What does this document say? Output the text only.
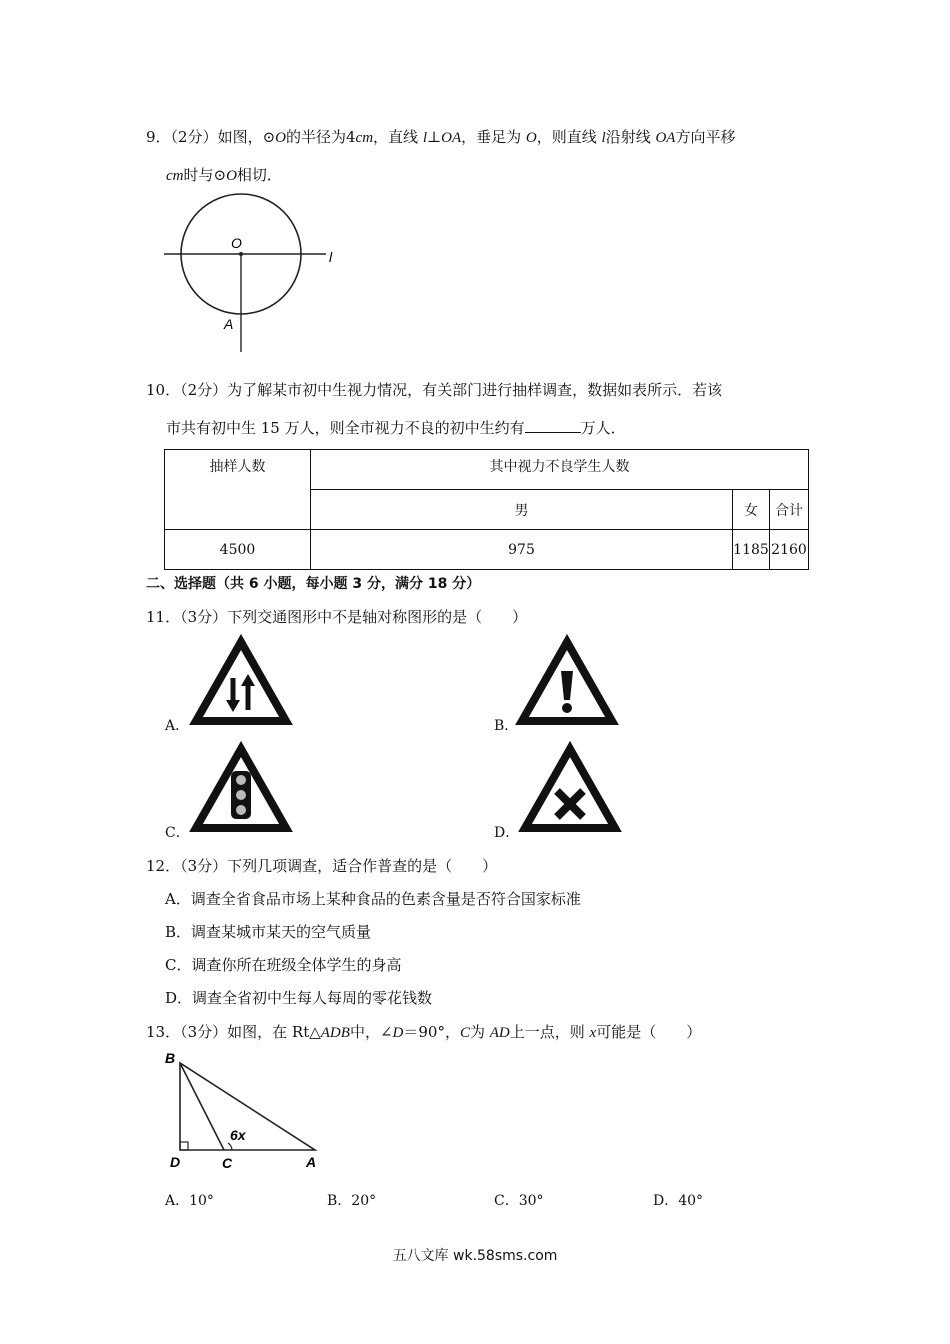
9．（2分）如图，⊙O的半径为4cm，直线 l⊥OA，垂足为 O，则直线 l沿射线 OA方向平移
cm时与⊙O相切．
O
l
A
10．（2分）为了解某市初中生视力情况，有关部门进行抽样调查，数据如表所示．若该
市共有初中生 15 万人，则全市视力不良的初中生约有	万人．
抽样人数	其中视力不良学生人数		
	男	女	合计
4500	975	1185	2160
二、选择题（共 6 小题，每小题 3 分，满分 18 分）
11．（3分）下列交通图形中不是轴对称图形的是（　　）
A．	B．
C．	D．
12．（3分）下列几项调查，适合作普查的是（　　）
A．调查全省食品市场上某种食品的色素含量是否符合国家标准
B．调查某城市某天的空气质量
C．调查你所在班级全体学生的身高
D．调查全省初中生每人每周的零花钱数
13．（3分）如图，在 Rt△ADB中，∠D＝90°，C为 AD上一点，则 x可能是（　　）
B
D	C	A
6x
A．10°	B．20°	C．30°	D．40°
五八文库 wk.58sms.com
